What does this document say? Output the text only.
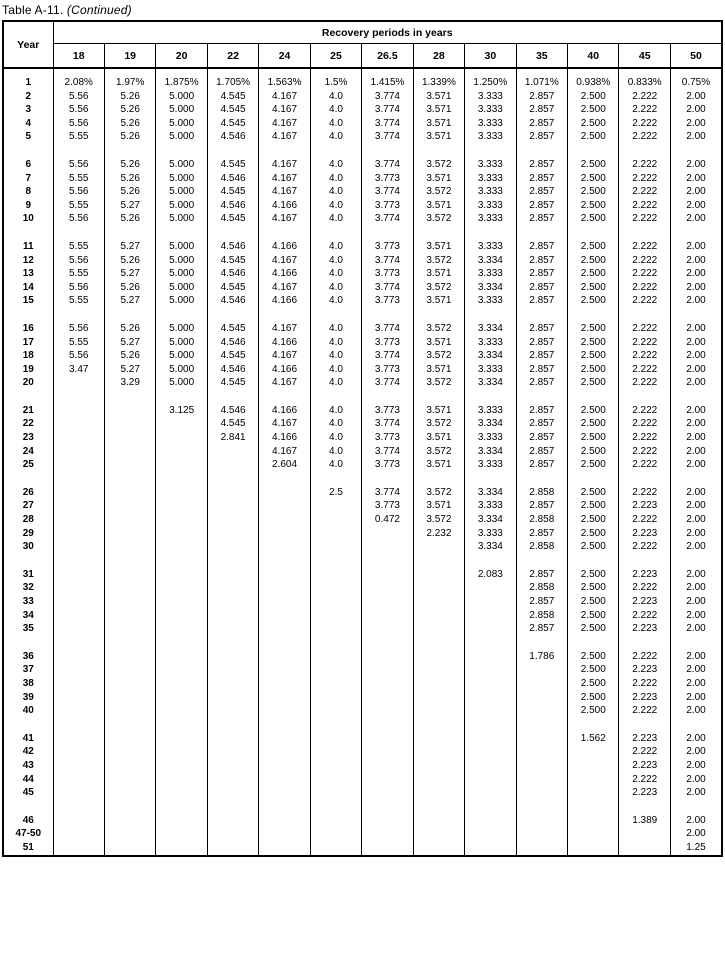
Table A-11. (Continued)
Year	Recovery periods in years												
	18	19	20	22	24	25	26.5	28	30	35	40	45	50

1	2.08%	1.97%	1.875%	1.705%	1.563%	1.5%	1.415%	1.339%	1.250%	1.071%	0.938%	0.833%	0.75%
2	5.56	5.26	5.000	4.545	4.167	4.0	3.774	3.571	3.333	2.857	2.500	2.222	2.00
3	5.56	5.26	5.000	4.545	4.167	4.0	3.774	3.571	3.333	2.857	2.500	2.222	2.00
4	5.56	5.26	5.000	4.545	4.167	4.0	3.774	3.571	3.333	2.857	2.500	2.222	2.00
5	5.55	5.26	5.000	4.546	4.167	4.0	3.774	3.571	3.333	2.857	2.500	2.222	2.00

6	5.56	5.26	5.000	4.545	4.167	4.0	3.774	3.572	3.333	2.857	2.500	2.222	2.00
7	5.55	5.26	5.000	4.546	4.167	4.0	3.773	3.571	3.333	2.857	2.500	2.222	2.00
8	5.56	5.26	5.000	4.545	4.167	4.0	3.774	3.572	3.333	2.857	2.500	2.222	2.00
9	5.55	5.27	5.000	4.546	4.166	4.0	3.773	3.571	3.333	2.857	2.500	2.222	2.00
10	5.56	5.26	5.000	4.545	4.167	4.0	3.774	3.572	3.333	2.857	2.500	2.222	2.00

11	5.55	5.27	5.000	4.546	4.166	4.0	3.773	3.571	3.333	2.857	2.500	2.222	2.00
12	5.56	5.26	5.000	4.545	4.167	4.0	3.774	3.572	3.334	2.857	2.500	2.222	2.00
13	5.55	5.27	5.000	4.546	4.166	4.0	3.773	3.571	3.333	2.857	2.500	2.222	2.00
14	5.56	5.26	5.000	4.545	4.167	4.0	3.774	3.572	3.334	2.857	2.500	2.222	2.00
15	5.55	5.27	5.000	4.546	4.166	4.0	3.773	3.571	3.333	2.857	2.500	2.222	2.00

16	5.56	5.26	5.000	4.545	4.167	4.0	3.774	3.572	3.334	2.857	2.500	2.222	2.00
17	5.55	5.27	5.000	4.546	4.166	4.0	3.773	3.571	3.333	2.857	2.500	2.222	2.00
18	5.56	5.26	5.000	4.545	4.167	4.0	3.774	3.572	3.334	2.857	2.500	2.222	2.00
19	3.47	5.27	5.000	4.546	4.166	4.0	3.773	3.571	3.333	2.857	2.500	2.222	2.00
20		3.29	5.000	4.545	4.167	4.0	3.774	3.572	3.334	2.857	2.500	2.222	2.00

21			3.125	4.546	4.166	4.0	3.773	3.571	3.333	2.857	2.500	2.222	2.00
22				4.545	4.167	4.0	3.774	3.572	3.334	2.857	2.500	2.222	2.00
23				2.841	4.166	4.0	3.773	3.571	3.333	2.857	2.500	2.222	2.00
24					4.167	4.0	3.774	3.572	3.334	2.857	2.500	2.222	2.00
25					2.604	4.0	3.773	3.571	3.333	2.857	2.500	2.222	2.00

26						2.5	3.774	3.572	3.334	2.858	2.500	2.222	2.00
27							3.773	3.571	3.333	2.857	2.500	2.223	2.00
28							0.472	3.572	3.334	2.858	2.500	2.222	2.00
29								2.232	3.333	2.857	2.500	2.223	2.00
30									3.334	2.858	2.500	2.222	2.00

31									2.083	2.857	2.500	2.223	2.00
32										2.858	2.500	2.222	2.00
33										2.857	2.500	2.223	2.00
34										2.858	2.500	2.222	2.00
35										2.857	2.500	2.223	2.00

36										1.786	2.500	2.222	2.00
37											2.500	2.223	2.00
38											2.500	2.222	2.00
39											2.500	2.223	2.00
40											2.500	2.222	2.00

41											1.562	2.223	2.00
42												2.222	2.00
43												2.223	2.00
44												2.222	2.00
45												2.223	2.00

46												1.389	2.00
47-50													2.00
51													1.25
